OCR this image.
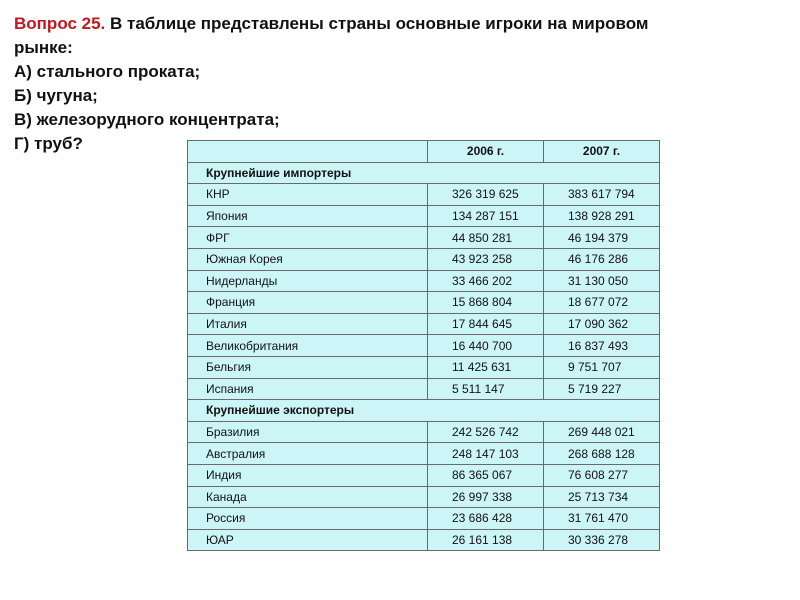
Вопрос 25. В таблице представлены страны основные игроки на мировом
рынке:
А) стального проката;
Б) чугуна;
В) железорудного концентрата;
Г) труб?
		2006 г.	2007 г.
Крупнейшие импортеры		
КНР	326 319 625	383 617 794
Япония	134 287 151	138 928 291
ФРГ	44 850 281	46 194 379
Южная Корея	43 923 258	46 176 286
Нидерланды	33 466 202	31 130 050
Франция	15 868 804	18 677 072
Италия	17 844 645	17 090 362
Великобритания	16 440 700	16 837 493
Бельгия	11 425 631	9 751 707
Испания	5 511 147	5 719 227
Крупнейшие экспортеры		
Бразилия	242 526 742	269 448 021
Австралия	248 147 103	268 688 128
Индия	86 365 067	76 608 277
Канада	26 997 338	25 713 734
Россия	23 686 428	31 761 470
ЮАР	26 161 138	30 336 278
